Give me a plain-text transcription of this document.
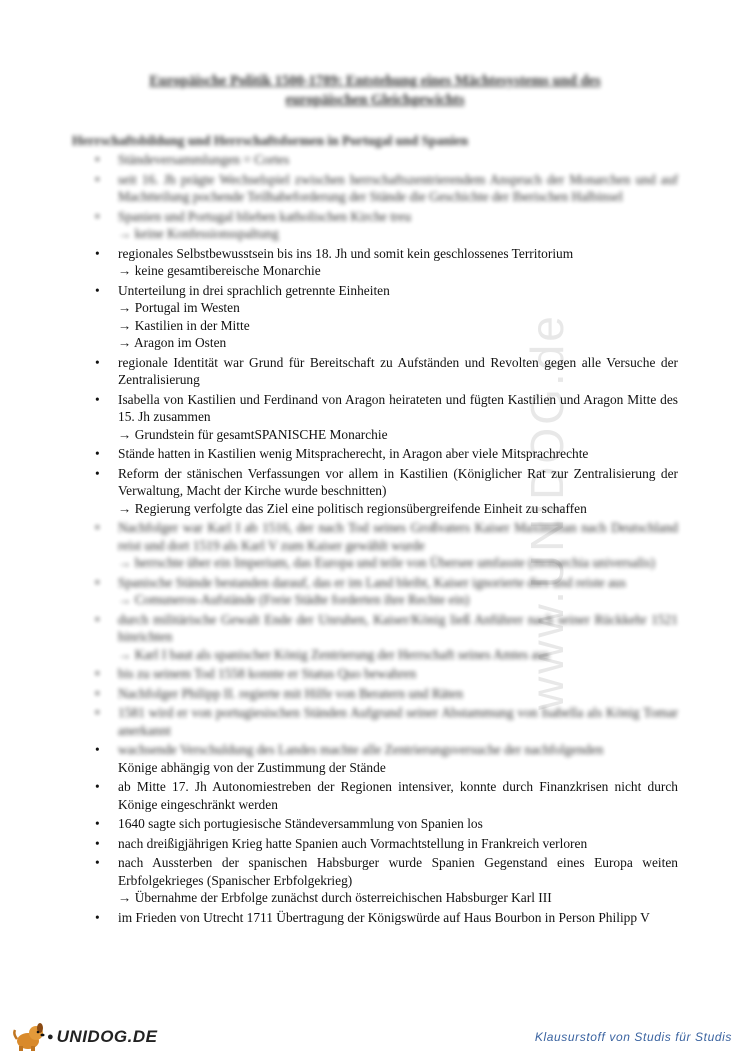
Europäische Politik 1500-1789: Entstehung eines Mächtesystems und des
europäischen Gleichgewichts
Herrschaftsbildung und Herrschaftsformen in Portugal und Spanien
www.UNIDOG.de
• Ständeversammlungen = Cortes
• seit 16. Jh prägte Wechselspiel zwischen herrschaftszentrierendem Anspruch der Monarchen und auf Machtteilung pochende Teilhabeforderung der Stände die Geschichte der Iberischen Halbinsel
• Spanien und Portugal blieben katholischen Kirche treu
→ keine Konfessionsspaltung
• regionales Selbstbewusstsein bis ins 18. Jh und somit kein geschlossenes Territorium
→ keine gesamtibereische Monarchie
• Unterteilung in drei sprachlich getrennte Einheiten
→ Portugal im Westen
→ Kastilien in der Mitte
→ Aragon im Osten
• regionale Identität war Grund für Bereitschaft zu Aufständen und Revolten gegen alle Versuche der Zentralisierung
• Isabella von Kastilien und Ferdinand von Aragon heirateten und fügten Kastilien und Aragon Mitte des 15. Jh zusammen
→ Grundstein für gesamtSPANISCHE Monarchie
• Stände hatten in Kastilien wenig Mitspracherecht, in Aragon aber viele Mitsprachrechte
• Reform der stänischen Verfassungen vor allem in Kastilien (Königlicher Rat zur Zentralisierung der Verwaltung, Macht der Kirche wurde beschnitten)
→ Regierung verfolgte das Ziel eine politisch regionsübergreifende Einheit zu schaffen
• Nachfolger war Karl I ab 1516, der nach Tod seines Großvaters Kaiser Maximilian nach Deutschland reist und dort 1519 als Karl V zum Kaiser gewählt wurde
→ herrschte über ein Imperium, das Europa und teile von Übersee umfasste (monarchia universalis)
• Spanische Stände bestanden darauf, das er im Land bleibt, Kaiser ignorierte dies und reiste aus
→ Comuneros-Aufstände (Freie Städte forderten ihre Rechte ein)
• durch militärische Gewalt Ende der Unruhen, Kaiser/König ließ Anführer nach seiner Rückkehr 1521 hinrichten
→ Karl I baut als spanischer König Zentrierung der Herrschaft seines Amtes aus
• bis zu seinem Tod 1558 konnte er Status Quo bewahren
• Nachfolger Philipp II. regierte mit Hilfe von Beratern und Räten
• 1581 wird er von portugiesischen Ständen Aufgrund seiner Abstammung von Isabella als König Tomar anerkannt
• wachsende Verschuldung des Landes machte alle Zentrierungsversuche der nachfolgenden
Könige abhängig von der Zustimmung der Stände
• ab Mitte 17. Jh Autonomiestreben der Regionen intensiver, konnte durch Finanzkrisen nicht durch Könige eingeschränkt werden
• 1640 sagte sich portugiesische Ständeversammlung von Spanien los
• nach dreißigjährigen Krieg hatte Spanien auch Vormachtstellung in Frankreich verloren
• nach Aussterben der spanischen Habsburger wurde Spanien Gegenstand eines Europa weiten Erbfolgekrieges (Spanischer Erbfolgekrieg)
→ Übernahme der Erbfolge zunächst durch österreichischen Habsburger Karl III
• im Frieden von Utrecht 1711 Übertragung der Königswürde auf Haus Bourbon in Person Philipp V
● UNIDOG.DE	Klausurstoff von Studis für Studis
